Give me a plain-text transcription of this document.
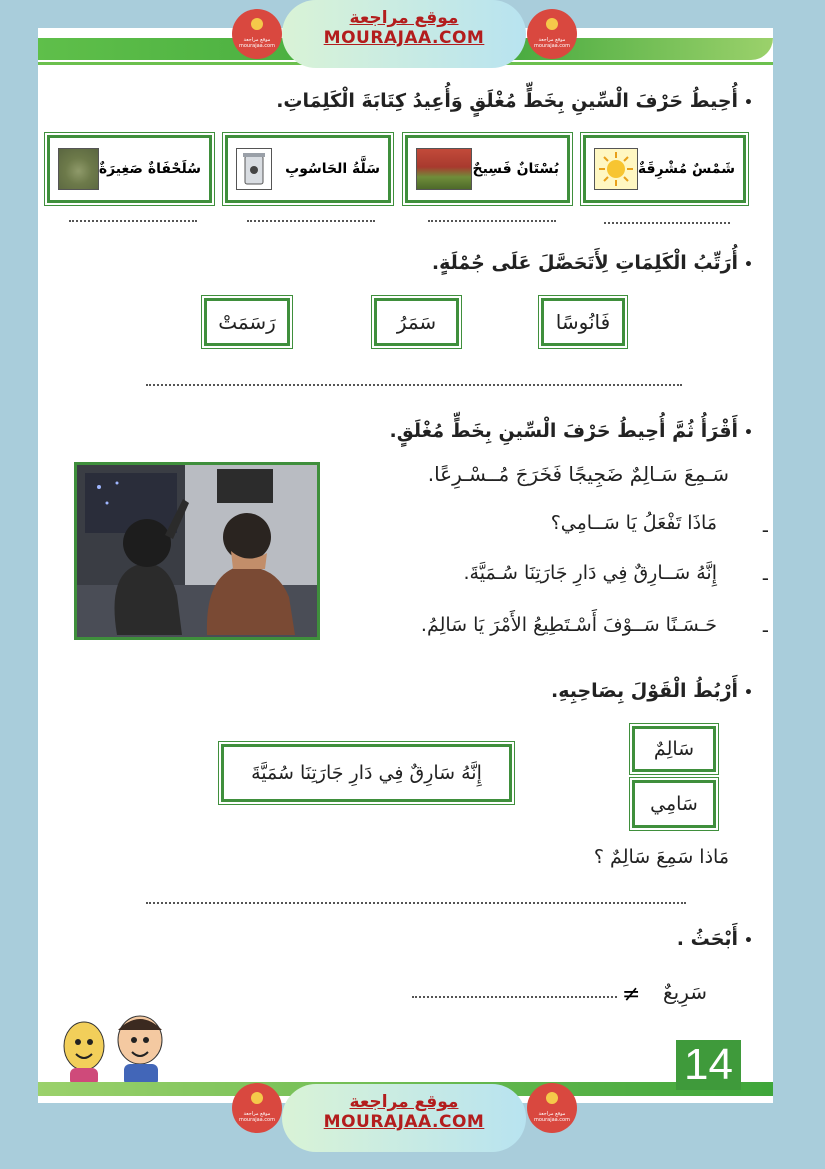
موقع مراجعة mourajaa.com
موقع مراجعة
MOURAJAA.COM	موقع مراجعة mourajaa.com
•أُحِيطُ حَرْفَ الْسِّينِ بِخَطٍّ مُغْلَقٍ وَأُعِيدُ كِتَابَةَ الْكَلِمَاتِ.
شَمْسٌ مُشْرِقَةٌ
بُسْتَانٌ فَسِيحٌ
سَلَّةُ الحَاسُوبِ
سُلَحْفَاةٌ صَغِيرَةٌ
•أُرَتِّبُ الْكَلِمَاتِ لِأَتَحَصَّلَ عَلَى جُمْلَةٍ.
فَانُوسًا
سَمَرُ
رَسَمَتْ
•أَقْرَأُ ثُمَّ أُحِيطُ حَرْفَ الْسِّينِ بِخَطٍّ مُغْلَقٍ.
سَـمِعَ سَـالِمٌ ضَجِيجًا فَخَرَجَ مُــسْـرِعًا.
-
مَاذَا تَفْعَلُ يَا سَــامِي؟
-
إِنَّهُ سَــارِقٌ فِي دَارِ جَارَتِنَا سُـمَيَّةَ.
-
حَـسَـنًا سَــوْفَ أَسْـتَطِيعُ الأَمْرَ يَا سَالِمُ.
•أَرْبُطُ الْقَوْلَ بِصَاحِبِهِ.
سَالِمٌ
سَامِي
إِنَّهُ سَارِقٌ فِي دَارِ جَارَتِنَا سُمَيَّةَ
مَاذا سَمِعَ سَالِمٌ ؟
•أَبْحَثُ .
سَرِيعٌ
≠
14
موقع مراجعة mourajaa.com
موقع مراجعة
MOURAJAA.COM	موقع مراجعة mourajaa.com
